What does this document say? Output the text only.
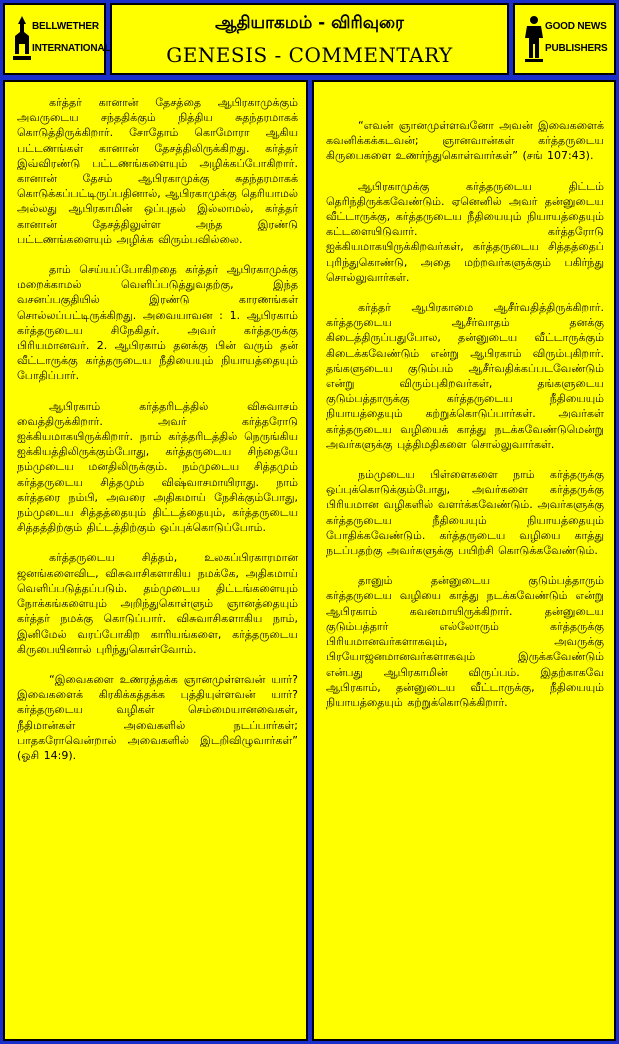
BELLWETHER
INTERNATIONAL
ஆதியாகமம் - விரிவுரை
GENESIS - COMMENTARY
GOOD NEWS
PUBLISHERS

கர்த்தர் கானான் தேசத்தை ஆபிரகாமுக்கும் அவருடைய சந்ததிக்கும் நித்திய சுதந்தரமாகக் கொடுத்திருக்கிறார். சோதோம் கொமோரா ஆகிய பட்டணங்கள் கானான் தேசத்திலிருக்கிறது. கர்த்தர் இவ்விரண்டு பட்டணங்களையும் அழிக்கப்போகிறார். கானான் தேசம் ஆபிரகாமுக்கு சுதந்தரமாகக் கொடுக்கப்பட்டிருப்பதினால், ஆபிரகாமுக்கு தெரியாமல் அல்லது ஆபிரகாமின் ஒப்புதல் இல்லாமல், கர்த்தர் கானான் தேசத்திலுள்ள அந்த இரண்டு பட்டணங்களையும் அழிக்க விரும்பவில்லை.

தாம் செய்யப்போகிறதை கர்த்தர் ஆபிரகாமுக்கு மறைக்காமல் வெளிப்படுத்துவதற்கு, இந்த வசனப்பகுதியில் இரண்டு காரணங்கள் சொல்லப்பட்டிருக்கிறது. அவையாவன : 1. ஆபிரகாம் கர்த்தருடைய சிநேகிதர். அவர் கர்த்தருக்கு பிரியமானவர். 2. ஆபிரகாம் தனக்கு பின் வரும் தன் வீட்டாருக்கு கர்த்தருடைய நீதியையும் நியாயத்தையும் போதிப்பார்.

ஆபிரகாம் கர்த்தரிடத்தில் விசுவாசம் வைத்திருக்கிறார். அவர் கர்த்தரோடு ஐக்கியமாகயிருக்கிறார். நாம் கர்த்தரிடத்தில் நெருங்கிய ஐக்கியத்திலிருக்கும்போது, கர்த்தருடைய சிந்தையே நம்முடைய மனதிலிருக்கும். நம்முடைய சித்தமும் கர்த்தருடைய சித்தமும் விஷ்வாசமாயிராது. நாம் கர்த்தரை நம்பி, அவரை அதிகமாய் நேசிக்கும்போது, நம்முடைய சித்தத்தையும் திட்டத்தையும், கர்த்தருடைய சித்தத்திற்கும் திட்டத்திற்கும் ஒப்புக்கொடுப்போம்.

கர்த்தருடைய சித்தம், உலகப்பிரகாரமான ஜனங்களைவிட, விசுவாசிகளாகிய நமக்கே, அதிகமாய் வெளிப்படுத்தப்படும். தம்முடைய திட்டங்களையும் நோக்கங்களையும் அறிந்துகொள்ளும் ஞானத்தையும் கர்த்தர் நமக்கு கொடுப்பார். விசுவாசிகளாகிய நாம், இனிமேல் வரப்போகிற காரியங்களை, கர்த்தருடைய கிருபையினால் புரிந்துகொள்வோம்.

“இவைகளை உணரத்தக்க ஞானமுள்ளவன் யார்? இவைகளைக் கிரகிக்கத்தக்க புத்தியுள்ளவன் யார்? கர்த்தருடைய வழிகள் செம்மையானவைகள், நீதிமான்கள் அவைகளில் நடப்பார்கள்; பாதகரோவென்றால் அவைகளில் இடறிவிழுவார்கள்” (ஓசி 14:9).

“எவன் ஞானமுள்ளவனோ அவன் இவைகளைக் கவனிக்கக்கடவன்; ஞானவான்கள் கர்த்தருடைய கிருபைகளை உணர்ந்துகொள்வார்கள்” (சங் 107:43).

ஆபிரகாமுக்கு கர்த்தருடைய திட்டம் தெரிந்திருக்கவேண்டும். ஏனெனில் அவர் தன்னுடைய வீட்டாருக்கு, கர்த்தருடைய நீதியையும் நியாயத்தையும் கட்டளையிடுவார். கர்த்தரோடு ஐக்கியமாகயிருக்கிறவர்கள், கர்த்தருடைய சித்தத்தைப் புரிந்துகொண்டு, அதை மற்றவர்களுக்கும் பகிர்ந்து சொல்லுவார்கள்.

கர்த்தர் ஆபிரகாமை ஆசீர்வதித்திருக்கிறார். கர்த்தருடைய ஆசீர்வாதம் தனக்கு கிடைத்திருப்பதுபோல, தன்னுடைய வீட்டாருக்கும் கிடைக்கவேண்டும் என்று ஆபிரகாம் விரும்புகிறார். தங்களுடைய குடும்பம் ஆசீர்வதிக்கப்படவேண்டும் என்று விரும்புகிறவர்கள், தங்களுடைய குடும்பத்தாருக்கு கர்த்தருடைய நீதியையும் நியாயத்தையும் கற்றுக்கொடுப்பார்கள். அவர்கள் கர்த்தருடைய வழியைக் காத்து நடக்கவேண்டுமென்று அவர்களுக்கு புத்திமதிகளை சொல்லுவார்கள்.

நம்முடைய பிள்ளைகளை நாம் கர்த்தருக்கு ஒப்புக்கொடுக்கும்போது, அவர்களை கர்த்தருக்கு பிரியமான வழிகளில் வளர்க்கவேண்டும். அவர்களுக்கு கர்த்தருடைய நீதியையும் நியாயத்தையும் போதிக்கவேண்டும். கர்த்தருடைய வழியை காத்து நடப்பதற்கு அவர்களுக்கு பயிற்சி கொடுக்கவேண்டும்.

தானும் தன்னுடைய குடும்பத்தாரும் கர்த்தருடைய வழியை காத்து நடக்கவேண்டும் என்று ஆபிரகாம் கவனமாயிருக்கிறார். தன்னுடைய குடும்பத்தார் எல்லோரும் கர்த்தருக்கு பிரியமானவர்களாகவும், அவருக்கு பிரயோஜனமானவர்களாகவும் இருக்கவேண்டும் என்பது ஆபிரகாமின் விருப்பம். இதற்காகவே ஆபிரகாம், தன்னுடைய வீட்டாருக்கு, நீதியையும் நியாயத்தையும் கற்றுக்கொடுக்கிறார்.
